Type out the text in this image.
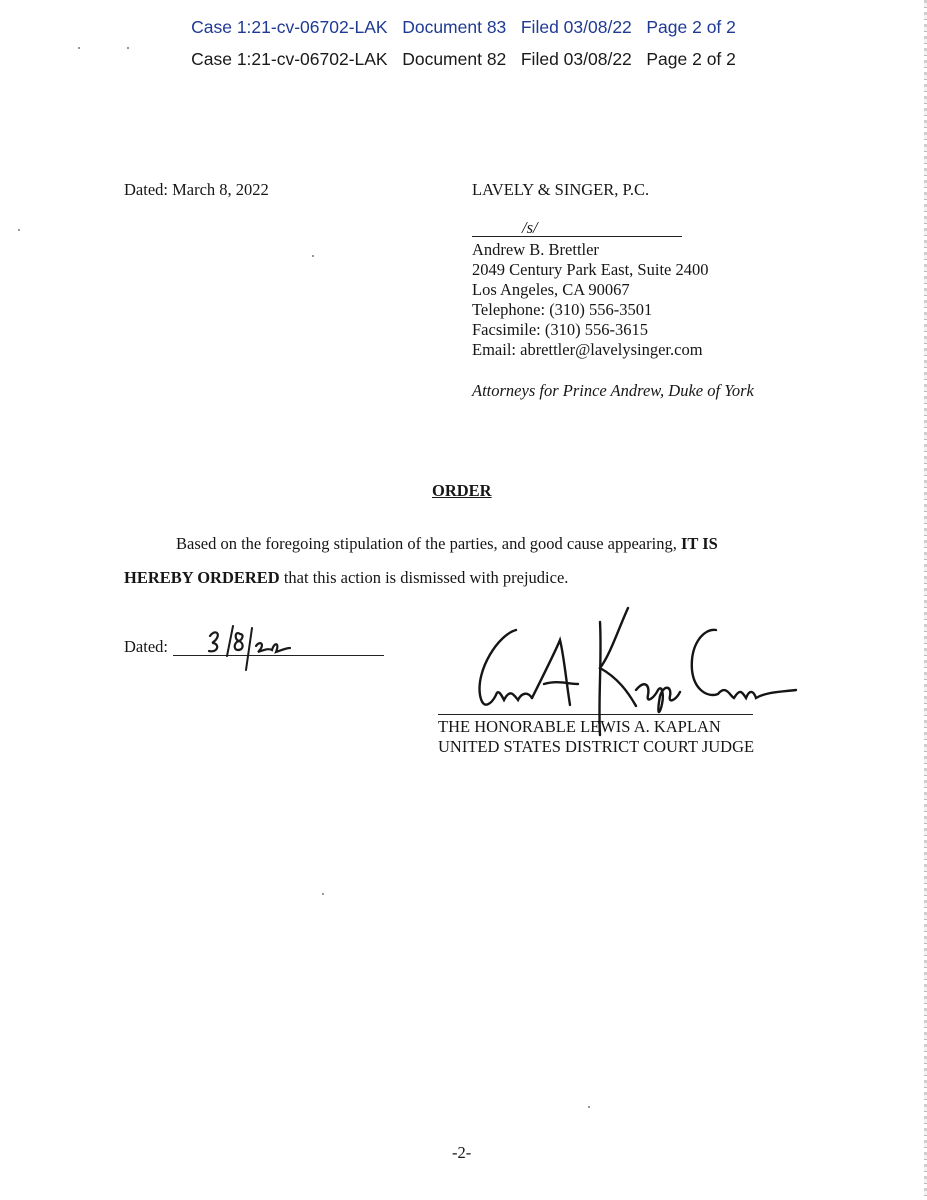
Case 1:21-cv-06702-LAK   Document 83   Filed 03/08/22   Page 2 of 2
Case 1:21-cv-06702-LAK   Document 82   Filed 03/08/22   Page 2 of 2
Dated: March 8, 2022	LAVELY & SINGER, P.C.
/s/
Andrew B. Brettler
2049 Century Park East, Suite 2400
Los Angeles, CA 90067
Telephone: (310) 556-3501
Facsimile: (310) 556-3615
Email: abrettler@lavelysinger.com
Attorneys for Prince Andrew, Duke of York
ORDER
Based on the foregoing stipulation of the parties, and good cause appearing, IT IS
HEREBY ORDERED that this action is dismissed with prejudice.
Dated:
THE HONORABLE LEWIS A. KAPLAN
UNITED STATES DISTRICT COURT JUDGE
-2-
